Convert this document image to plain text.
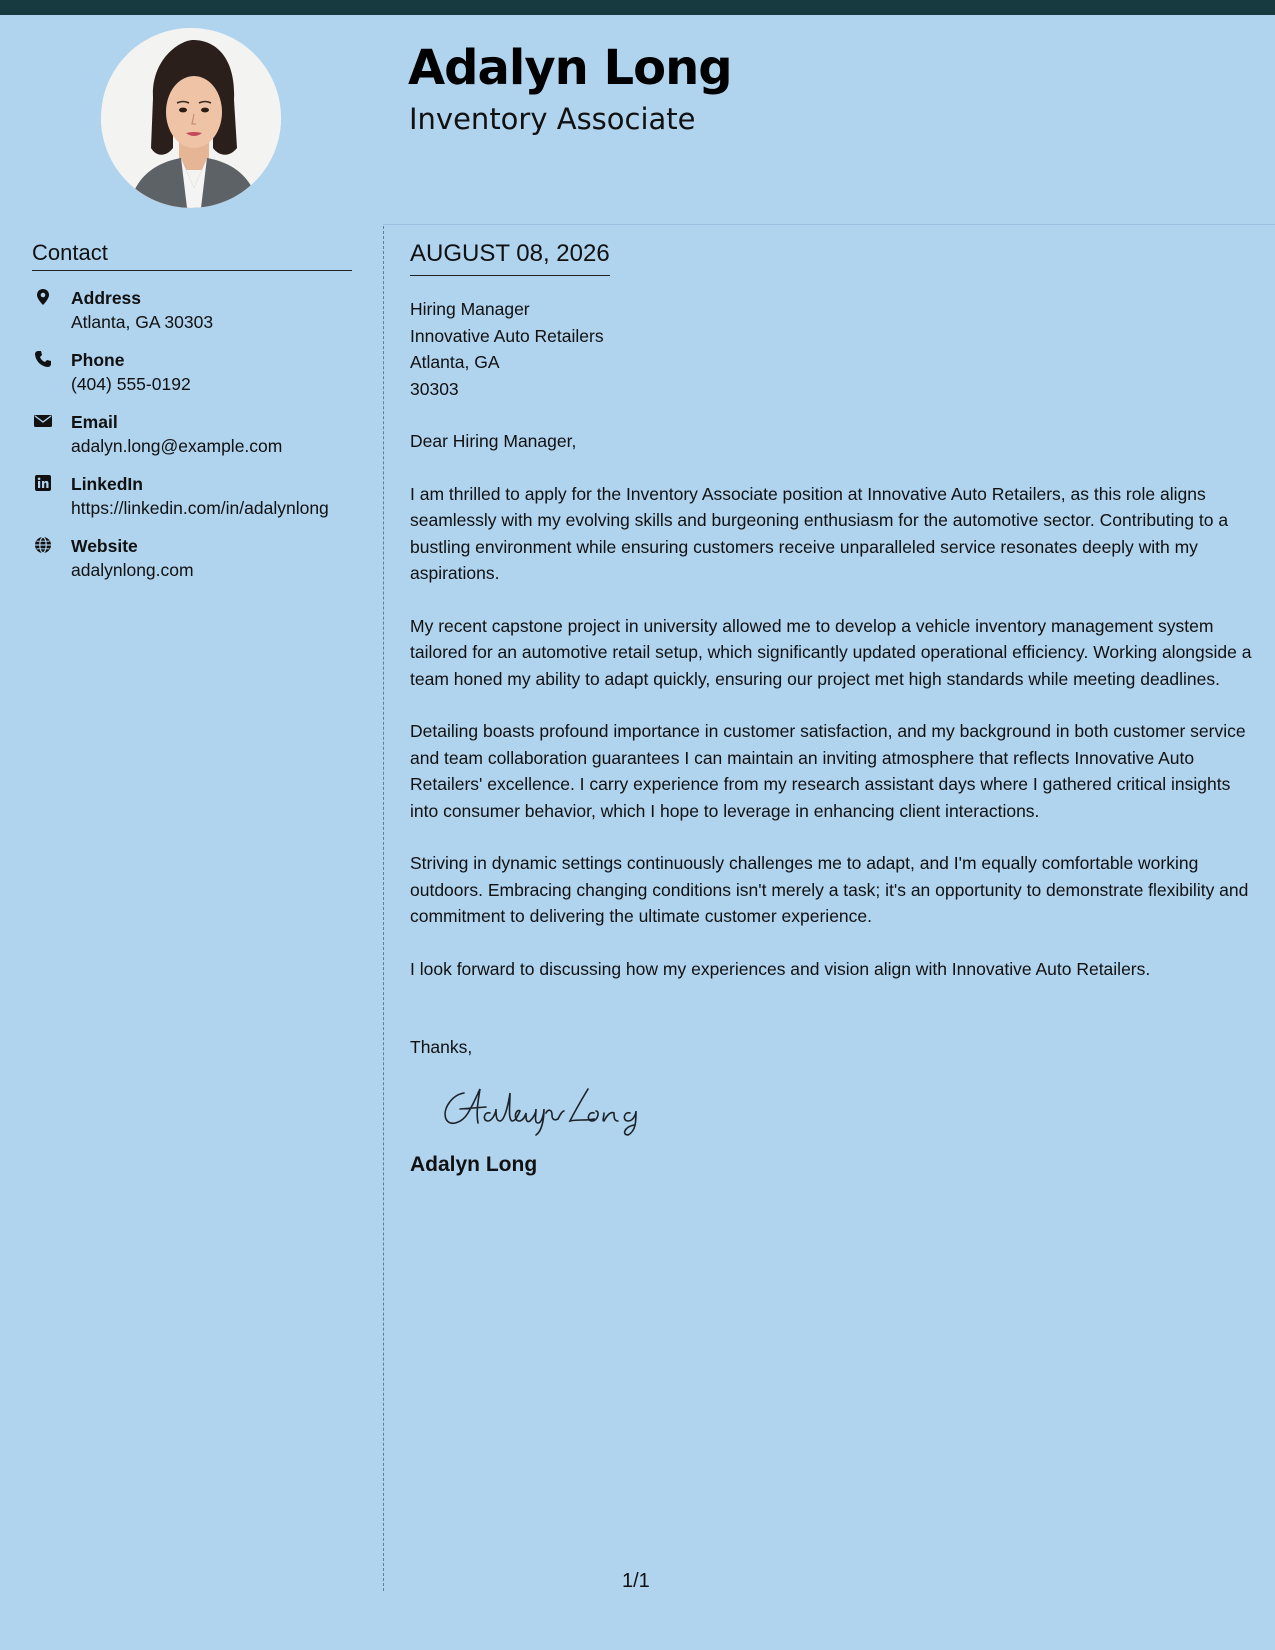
Adalyn Long
Inventory Associate
Contact
Address
Atlanta, GA 30303
Phone
(404) 555-0192
Email
adalyn.long@example.com
LinkedIn
https://linkedin.com/in/adalynlong
Website
adalynlong.com
AUGUST 08, 2026
Hiring Manager
Innovative Auto Retailers
Atlanta, GA
30303
Dear Hiring Manager,
I am thrilled to apply for the Inventory Associate position at Innovative Auto Retailers, as this role aligns seamlessly with my evolving skills and burgeoning enthusiasm for the automotive sector. Contributing to a bustling environment while ensuring customers receive unparalleled service resonates deeply with my aspirations.
My recent capstone project in university allowed me to develop a vehicle inventory management system tailored for an automotive retail setup, which significantly updated operational efficiency. Working alongside a team honed my ability to adapt quickly, ensuring our project met high standards while meeting deadlines.
Detailing boasts profound importance in customer satisfaction, and my background in both customer service and team collaboration guarantees I can maintain an inviting atmosphere that reflects Innovative Auto Retailers' excellence. I carry experience from my research assistant days where I gathered critical insights into consumer behavior, which I hope to leverage in enhancing client interactions.
Striving in dynamic settings continuously challenges me to adapt, and I'm equally comfortable working outdoors. Embracing changing conditions isn't merely a task; it's an opportunity to demonstrate flexibility and commitment to delivering the ultimate customer experience.
I look forward to discussing how my experiences and vision align with Innovative Auto Retailers.
Thanks,
Adalyn Long
1/1
